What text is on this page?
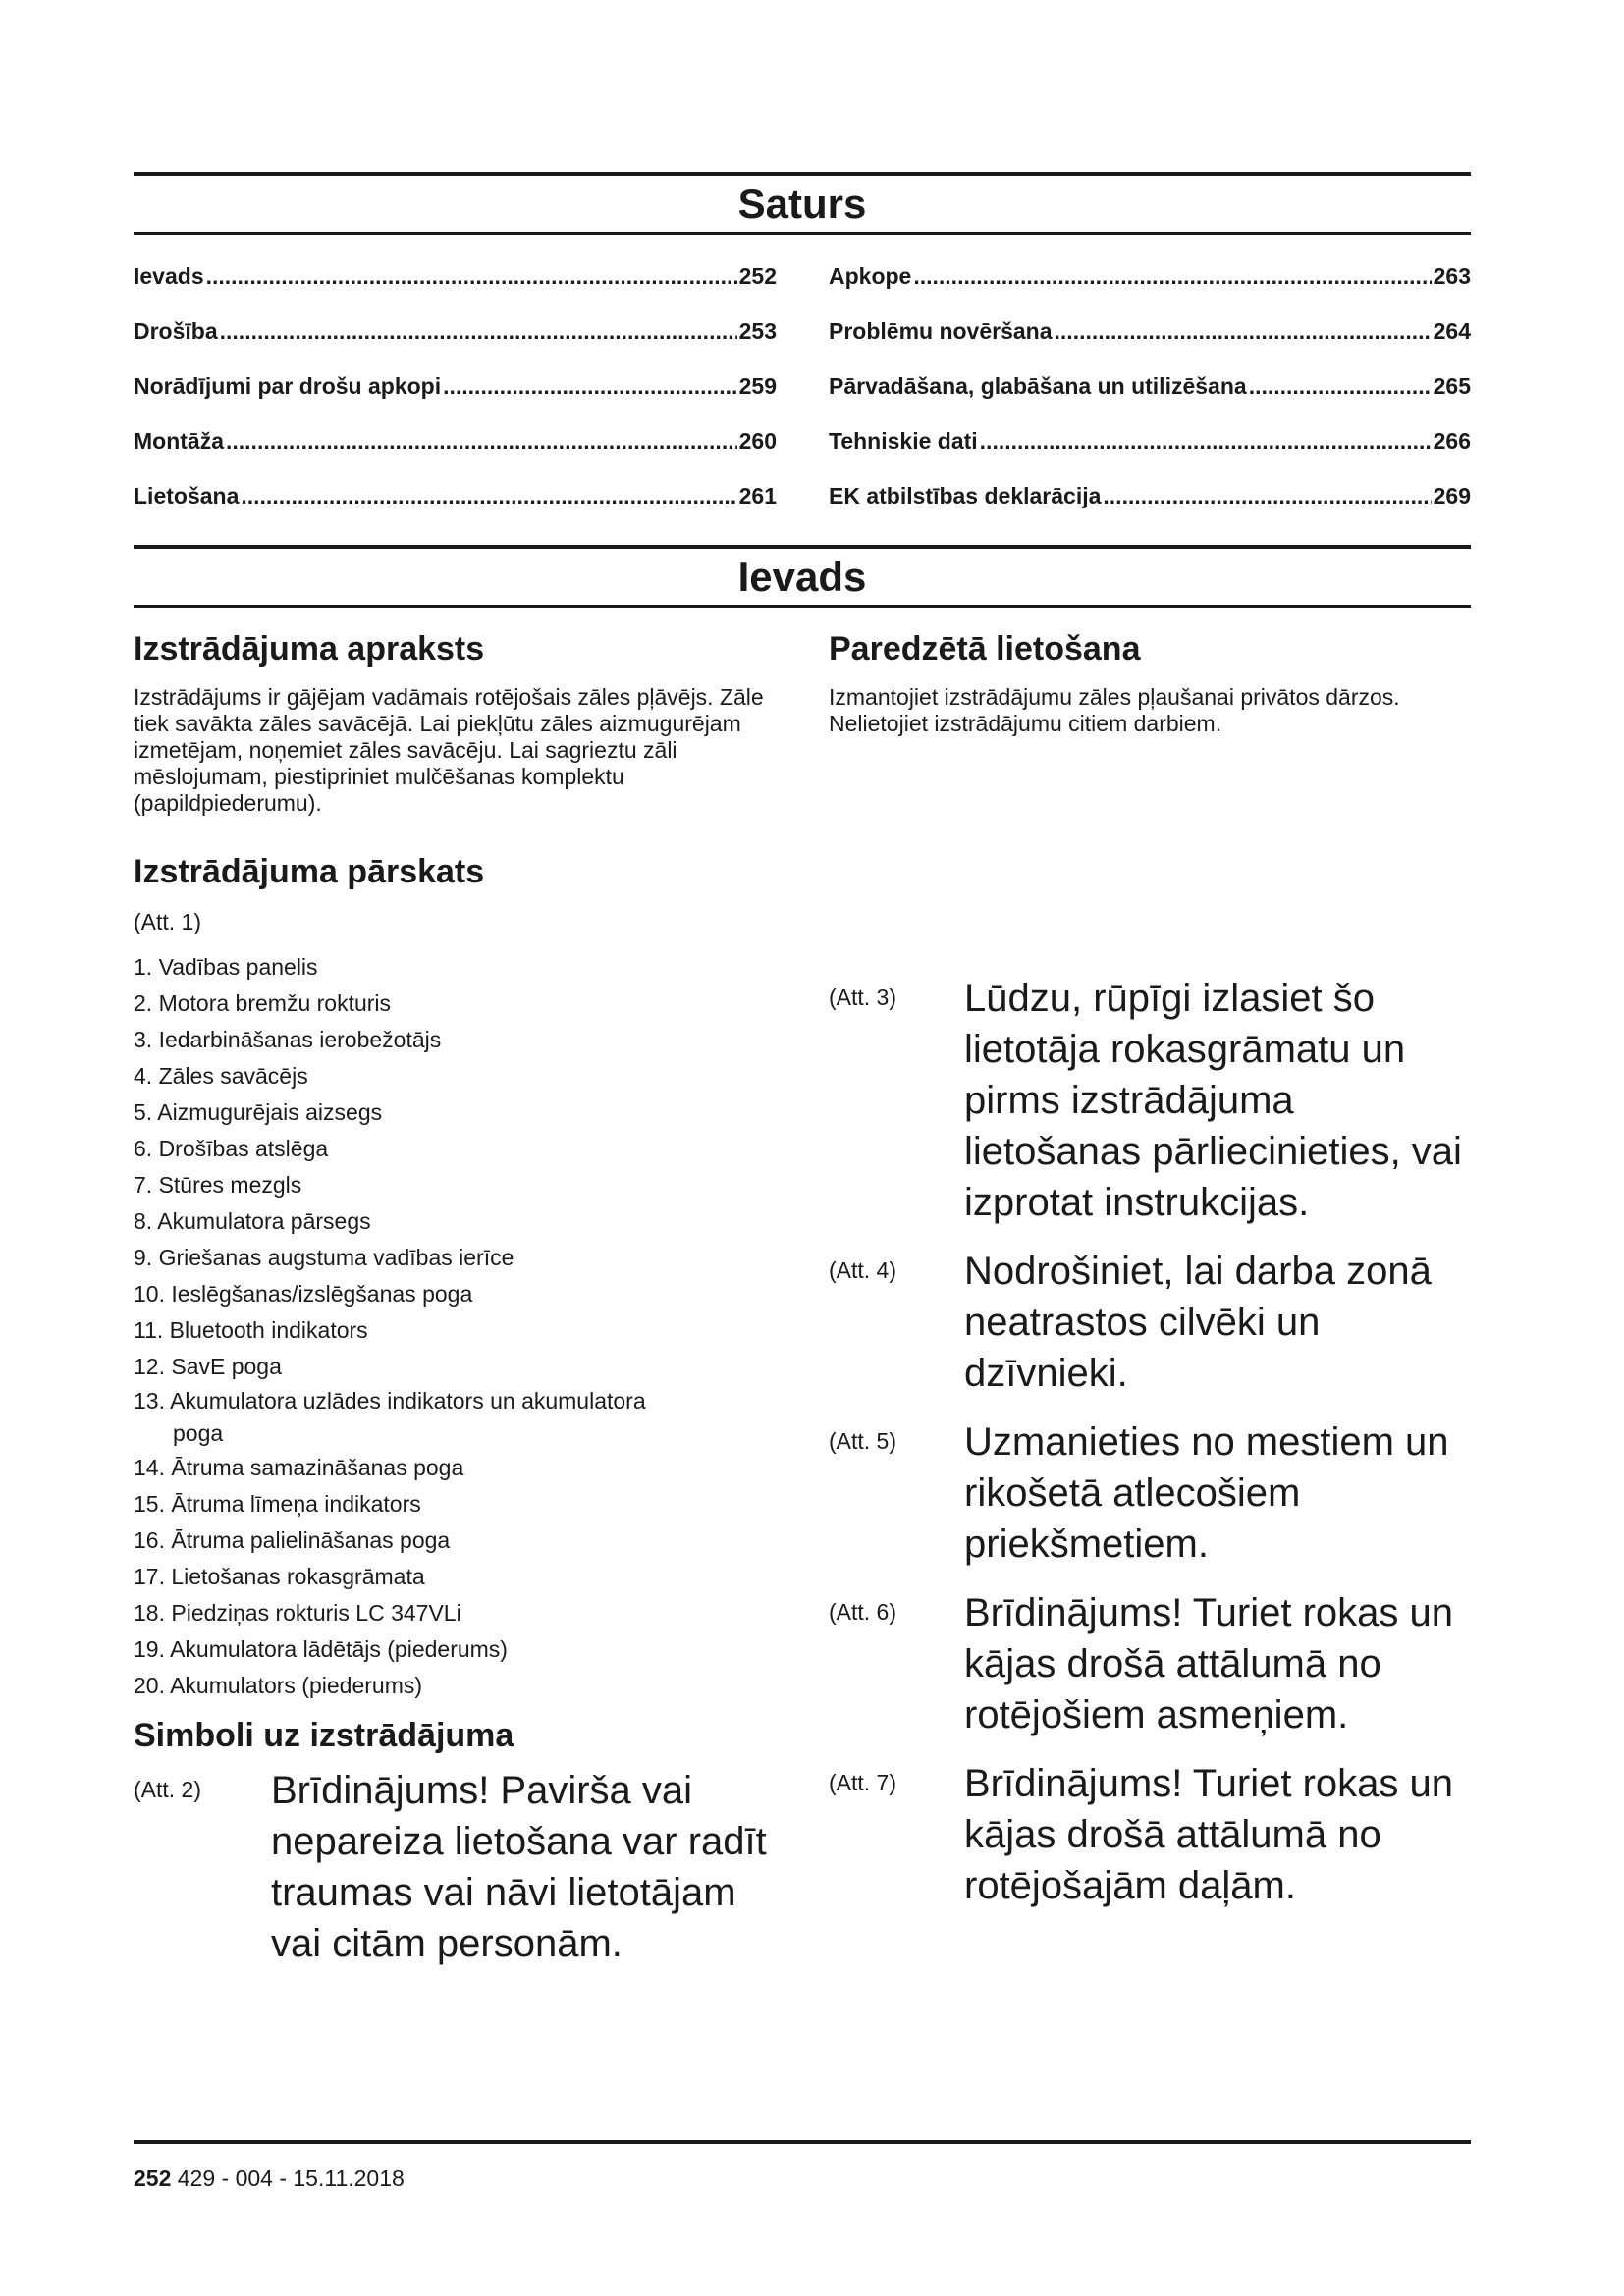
Saturs
Ievads .....	252
Drošība .....	253
Norādījumi par drošu apkopi .....	259
Montāža .....	260
Lietošana .....	261
Apkope .....	263
Problēmu novēršana .....	264
Pārvadāšana, glabāšana un utilizēšana .....	265
Tehniskie dati .....	266
EK atbilstības deklarācija .....	269
Ievads
Izstrādājuma apraksts
Izstrādājums ir gājējam vadāmais rotējošais zāles pļāvējs. Zāle tiek savākta zāles savācējā. Lai piekļūtu zāles aizmugurējam izmetējam, noņemiet zāles savācēju. Lai sagrieztu zāli mēslojumam, piestipriniet mulčēšanas komplektu (papildpiederumu).
Izstrādājuma pārskats
(Att. 1)
1. Vadības panelis
2. Motora bremžu rokturis
3. Iedarbināšanas ierobežotājs
4. Zāles savācējs
5. Aizmugurējais aizsegs
6. Drošības atslēga
7. Stūres mezgls
8. Akumulatora pārsegs
9. Griešanas augstuma vadības ierīce
10. Ieslēgšanas/izslēgšanas poga
11. Bluetooth indikators
12. SavE poga
13. Akumulatora uzlādes indikators un akumulatora
poga
14. Ātruma samazināšanas poga
15. Ātruma līmeņa indikators
16. Ātruma palielināšanas poga
17. Lietošanas rokasgrāmata
18. Piedziņas rokturis LC 347VLi
19. Akumulatora lādētājs (piederums)
20. Akumulators (piederums)
Simboli uz izstrādājuma
(Att. 2)	Brīdinājums! Pavirša vai nepareiza lietošana var radīt traumas vai nāvi lietotājam vai citām personām.
Paredzētā lietošana
Izmantojiet izstrādājumu zāles pļaušanai privātos dārzos. Nelietojiet izstrādājumu citiem darbiem.
(Att. 3)	Lūdzu, rūpīgi izlasiet šo lietotāja rokasgrāmatu un pirms izstrādājuma lietošanas pārliecinieties, vai izprotat instrukcijas.
(Att. 4)	Nodrošiniet, lai darba zonā neatrastos cilvēki un dzīvnieki.
(Att. 5)	Uzmanieties no mestiem un rikošetā atlecošiem priekšmetiem.
(Att. 6)	Brīdinājums! Turiet rokas un kājas drošā attālumā no rotējošiem asmeņiem.
(Att. 7)	Brīdinājums! Turiet rokas un kājas drošā attālumā no rotējošajām daļām.
252 429 - 004 - 15.11.2018
